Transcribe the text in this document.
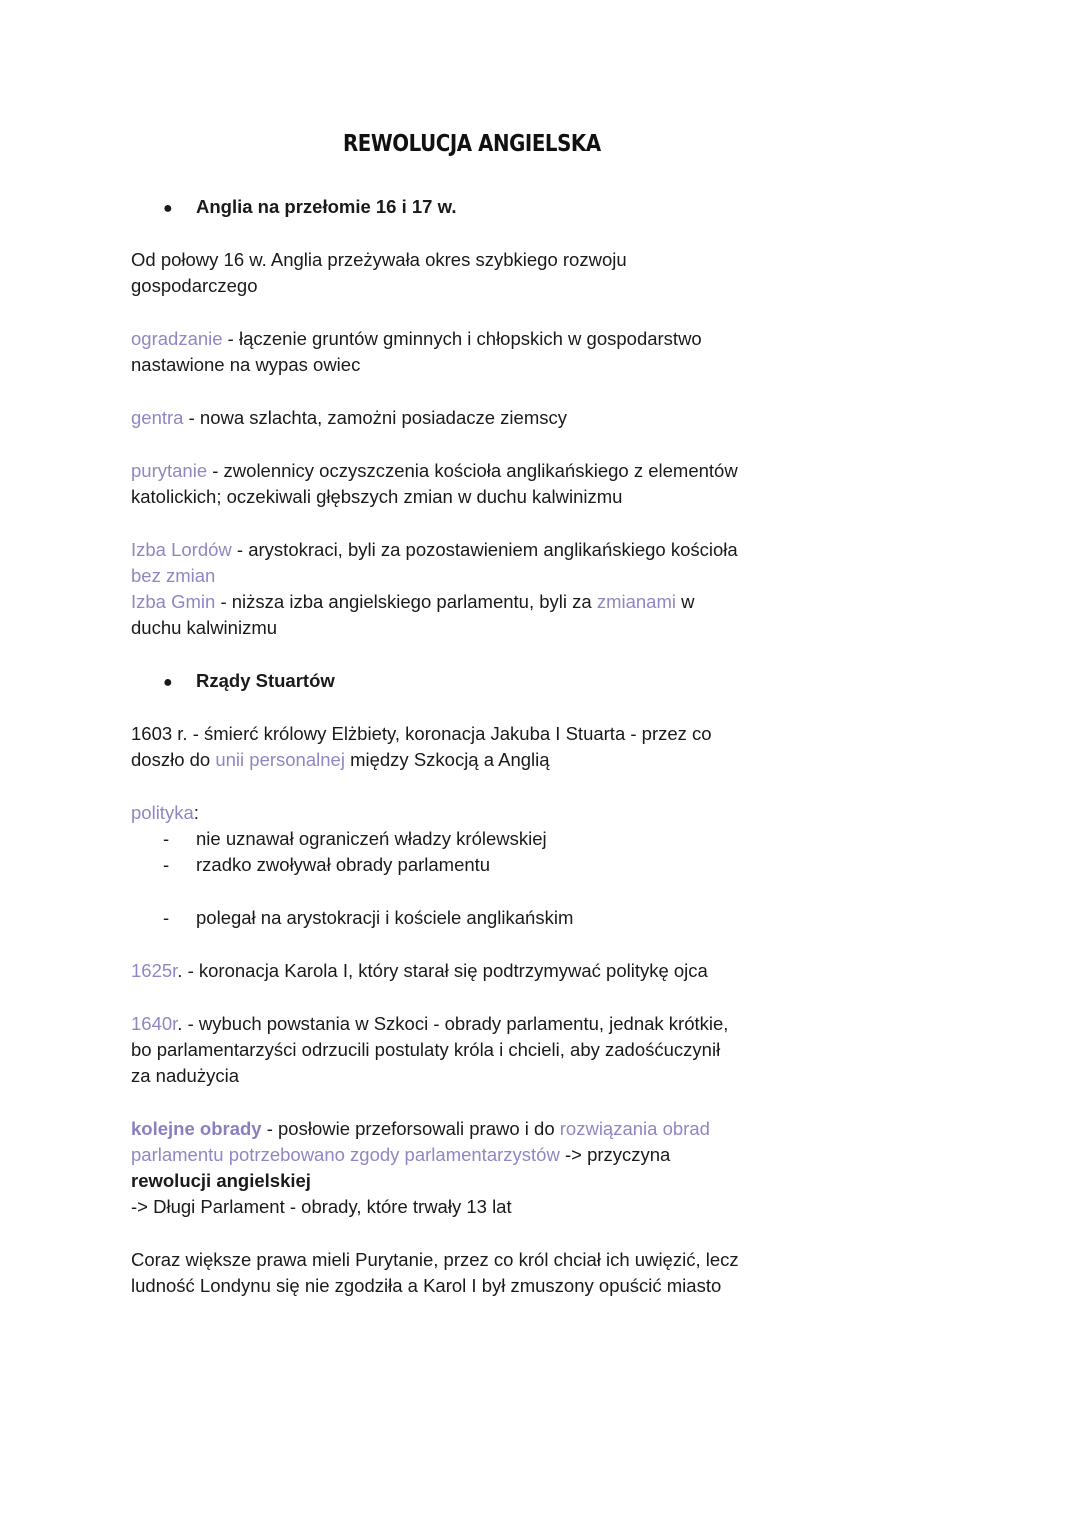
REWOLUCJA ANGIELSKA
● Anglia na przełomie 16 i 17 w.
Od połowy 16 w. Anglia przeżywała okres szybkiego rozwoju
gospodarczego
ogradzanie - łączenie gruntów gminnych i chłopskich w gospodarstwo
nastawione na wypas owiec
gentra - nowa szlachta, zamożni posiadacze ziemscy
purytanie - zwolennicy oczyszczenia kościoła anglikańskiego z elementów
katolickich; oczekiwali głębszych zmian w duchu kalwinizmu
Izba Lordów - arystokraci, byli za pozostawieniem anglikańskiego kościoła
bez zmian
Izba Gmin - niższa izba angielskiego parlamentu, byli za zmianami w
duchu kalwinizmu
● Rządy Stuartów
1603 r. - śmierć królowy Elżbiety, koronacja Jakuba I Stuarta - przez co
doszło do unii personalnej między Szkocją a Anglią
polityka:
- nie uznawał ograniczeń władzy królewskiej
- rzadko zwoływał obrady parlamentu
- polegał na arystokracji i kościele anglikańskim
1625r. - koronacja Karola I, który starał się podtrzymywać politykę ojca
1640r. - wybuch powstania w Szkoci - obrady parlamentu, jednak krótkie,
bo parlamentarzyści odrzucili postulaty króla i chcieli, aby zadośćuczynił
za nadużycia
kolejne obrady - posłowie przeforsowali prawo i do rozwiązania obrad
parlamentu potrzebowano zgody parlamentarzystów -> przyczyna
rewolucji angielskiej
-> Długi Parlament - obrady, które trwały 13 lat
Coraz większe prawa mieli Purytanie, przez co król chciał ich uwięzić, lecz
ludność Londynu się nie zgodziła a Karol I był zmuszony opuścić miasto
